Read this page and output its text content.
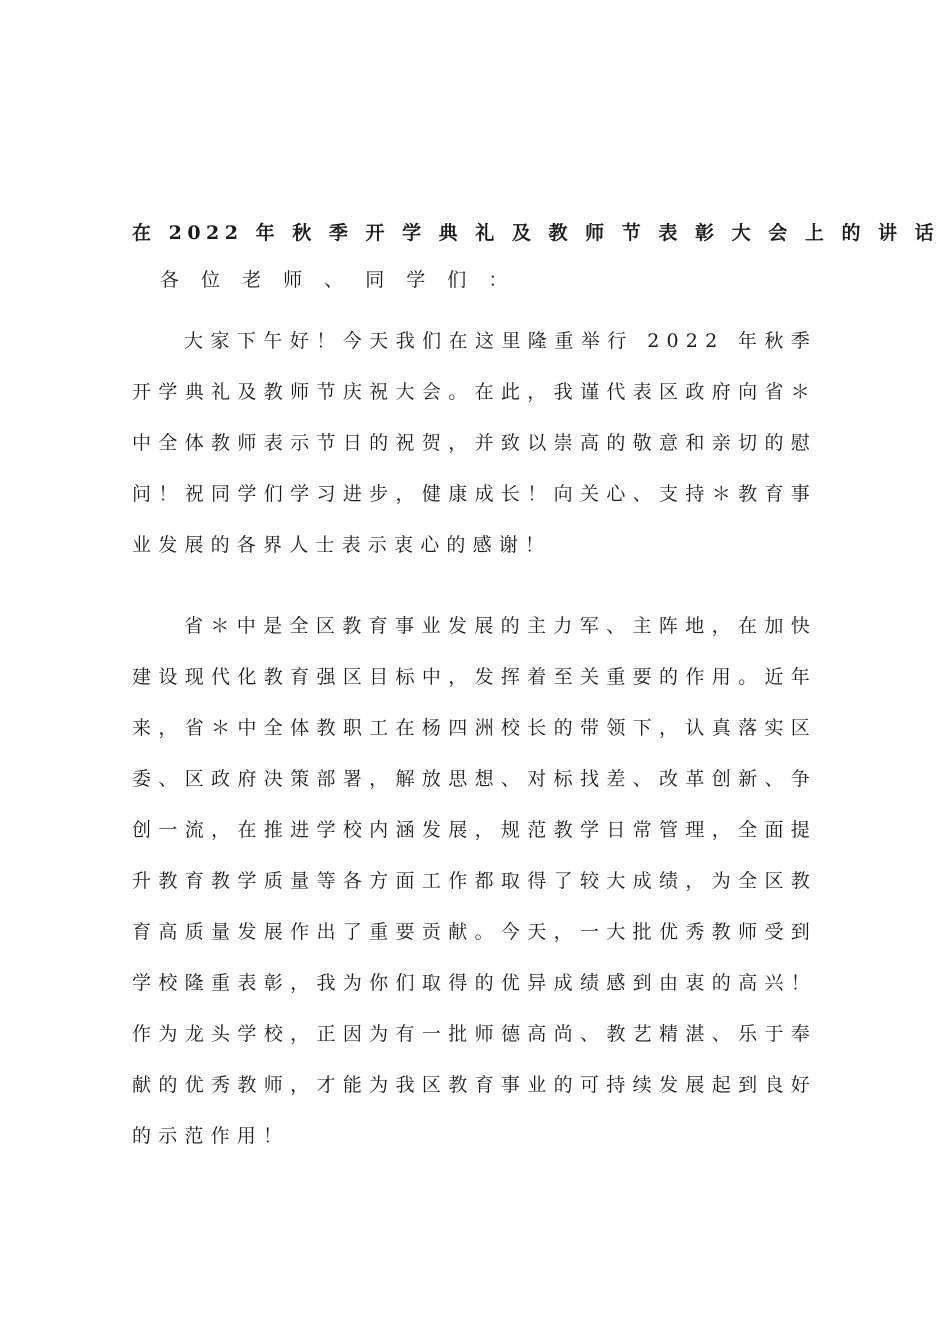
在 2022 年 秋 季 开 学 典 礼 及 教 师 节 表 彰 大 会 上 的 讲 话

各 位 老 师 、 同 学 们 ：

大家下午好！今天我们在这里隆重举行 2022 年秋季开学典礼及教师节庆祝大会。在此，我谨代表区政府向省＊中全体教师表示节日的祝贺，并致以崇高的敬意和亲切的慰问！祝同学们学习进步，健康成长！向关心、支持＊教育事业发展的各界人士表示衷心的感谢！

省＊中是全区教育事业发展的主力军、主阵地，在加快建设现代化教育强区目标中，发挥着至关重要的作用。近年来，省＊中全体教职工在杨四洲校长的带领下，认真落实区委、区政府决策部署，解放思想、对标找差、改革创新、争创一流，在推进学校内涵发展，规范教学日常管理，全面提升教育教学质量等各方面工作都取得了较大成绩，为全区教育高质量发展作出了重要贡献。今天，一大批优秀教师受到学校隆重表彰，我为你们取得的优异成绩感到由衷的高兴！作为龙头学校，正因为有一批师德高尚、教艺精湛、乐于奉献的优秀教师，才能为我区教育事业的可持续发展起到良好的示范作用！
